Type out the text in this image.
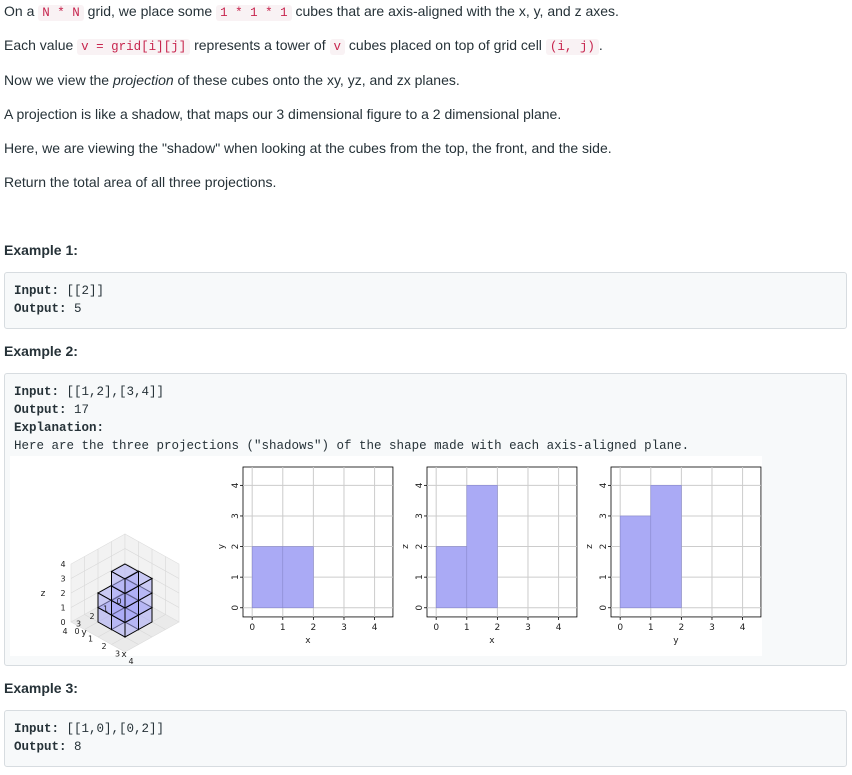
On a N * N grid, we place some 1 * 1 * 1 cubes that are axis-aligned with the x, y, and z axes.

Each value v = grid[i][j] represents a tower of v cubes placed on top of grid cell (i, j) .

Now we view the projection of these cubes onto the xy, yz, and zx planes.

A projection is like a shadow, that maps our 3 dimensional figure to a 2 dimensional plane.

Here, we are viewing the "shadow" when looking at the cubes from the top, the front, and the side.

Return the total area of all three projections.

Example 1:

Input: [[2]]
Output: 5

Example 2:

Input: [[1,2],[3,4]]
Output: 17
Explanation:
Here are the three projections ("shadows") of the shape made with each axis-aligned plane.
0	1	2	3	4
0
1
2
3
4
x
y
0	1	2	3	4
0
1
2
3
4
x
z
0	1	2	3	4
0
1
2
3
4
y
z
0
1
2
3
4
0
1
2
3
4 0
1
2
3
4
z
y
x

Example 3:

Input: [[1,0],[0,2]]
Output: 8
